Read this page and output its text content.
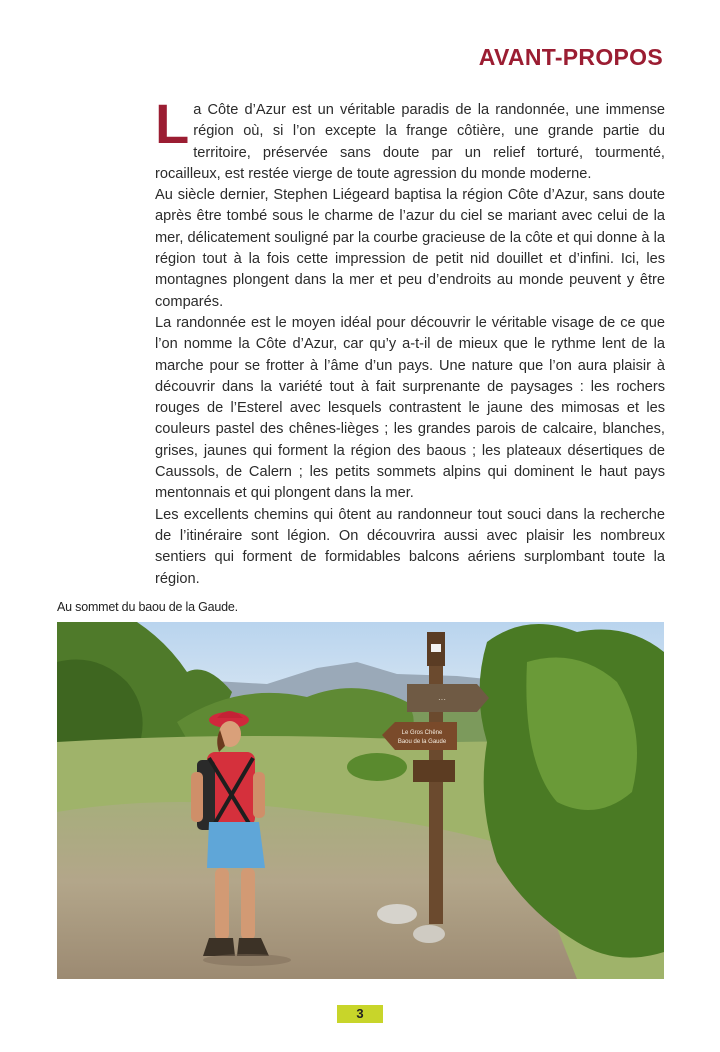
AVANT-PROPOS

La Côte d’Azur est un véritable paradis de la randonnée, une immense région où, si l’on excepte la frange côtière, une grande partie du territoire, préservée sans doute par un relief torturé, tourmenté, rocailleux, est restée vierge de toute agression du monde moderne.

Au siècle dernier, Stephen Liégeard baptisa la région Côte d’Azur, sans doute après être tombé sous le charme de l’azur du ciel se mariant avec celui de la mer, délicatement souligné par la courbe gracieuse de la côte et qui donne à la région tout à la fois cette impression de petit nid douillet et d’infini. Ici, les montagnes plongent dans la mer et peu d’endroits au monde peuvent y être comparés.

La randonnée est le moyen idéal pour découvrir le véritable visage de ce que l’on nomme la Côte d’Azur, car qu’y a-t-il de mieux que le rythme lent de la marche pour se frotter à l’âme d’un pays. Une nature que l’on aura plaisir à découvrir dans la variété tout à fait surprenante de paysages : les rochers rouges de l’Esterel avec lesquels contrastent le jaune des mimosas et les couleurs pastel des chênes-lièges ; les grandes parois de calcaire, blanches, grises, jaunes qui forment la région des baous ; les plateaux désertiques de Caussols, de Calern ; les petits sommets alpins qui dominent le haut pays mentonnais et qui plongent dans la mer.

Les excellents chemins qui ôtent au randonneur tout souci dans la recherche de l’itinéraire sont légion. On découvrira aussi avec plaisir les nombreux sentiers qui forment de formidables balcons aériens surplombant toute la région.

Au sommet du baou de la Gaude.
···
Le Gros Chêne
Baou de la Gaude
3
